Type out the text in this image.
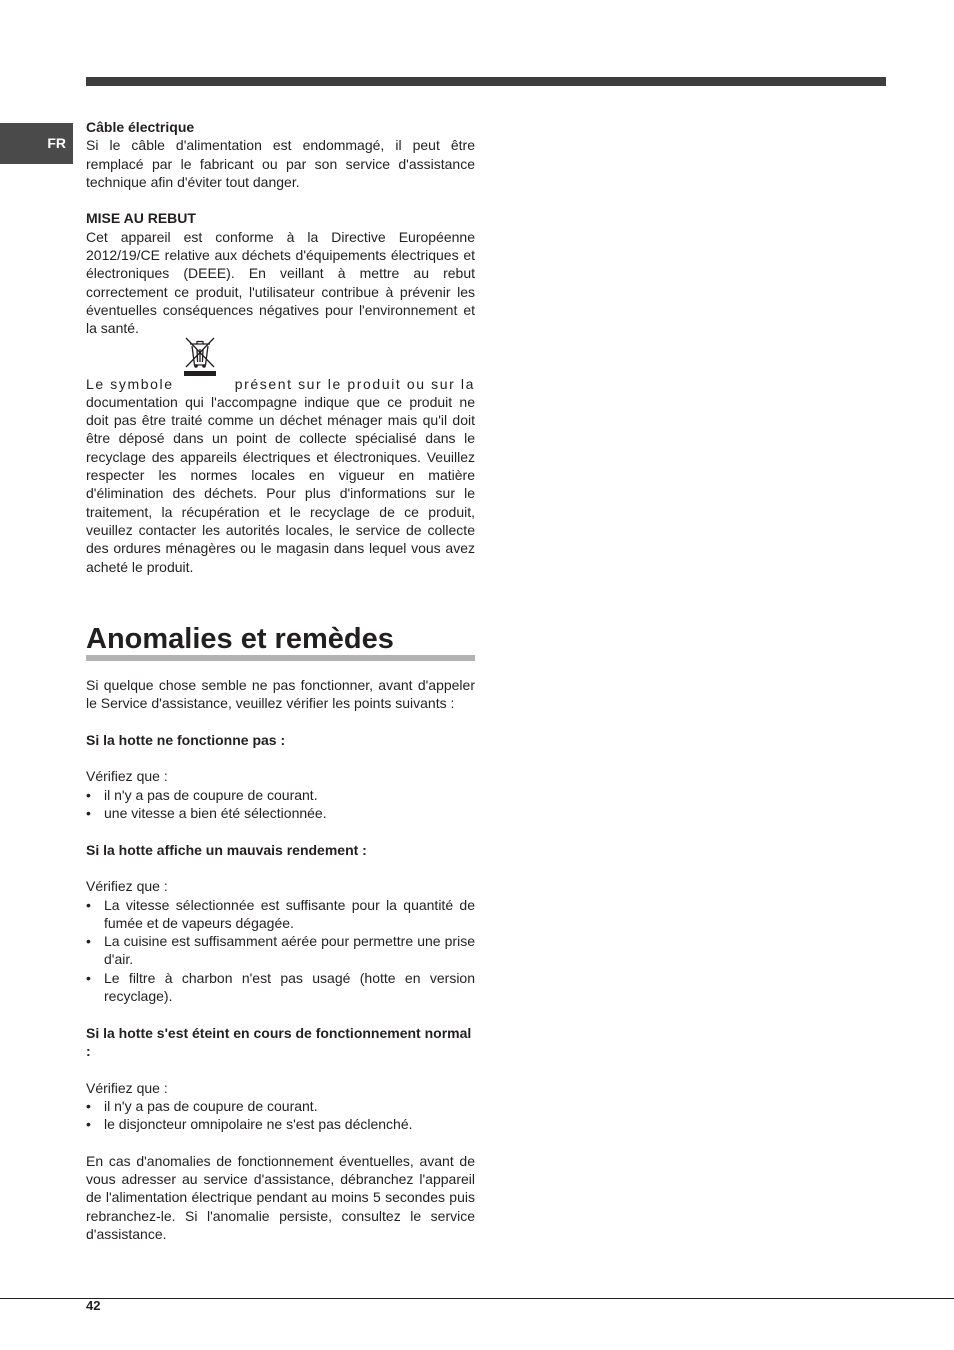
FR
Câble électrique

Si le câble d'alimentation est endommagé, il peut être remplacé par le fabricant ou par son service d'assistance technique afin d'éviter tout danger.

MISE AU REBUT

Cet appareil est conforme à la Directive Européenne 2012/19/CE relative aux déchets d'équipements électriques et électroniques (DEEE). En veillant à mettre au rebut correctement ce produit, l'utilisateur contribue à prévenir les éventuelles conséquences négatives pour l'environnement et la santé.

Le symbole	présent sur le produit ou sur la

documentation qui l'accompagne indique que ce produit ne doit pas être traité comme un déchet ménager mais qu'il doit être déposé dans un point de collecte spécialisé dans le recyclage des appareils électriques et électroniques. Veuillez respecter les normes locales en vigueur en matière d'élimination des déchets. Pour plus d'informations sur le traitement, la récupération et le recyclage de ce produit, veuillez contacter les autorités locales, le service de collecte des ordures ménagères ou le magasin dans lequel vous avez acheté le produit.

Anomalies et remèdes

Si quelque chose semble ne pas fonctionner, avant d'appeler le Service d'assistance, veuillez vérifier les points suivants :

Si la hotte ne fonctionne pas :
Vérifiez que :
• il n'y a pas de coupure de courant.
• une vitesse a bien été sélectionnée.
Si la hotte affiche un mauvais rendement :
Vérifiez que :
• La vitesse sélectionnée est suffisante pour la quantité de fumée et de vapeurs dégagée.
• La cuisine est suffisamment aérée pour permettre une prise d'air.
• Le filtre à charbon n'est pas usagé (hotte en version recyclage).
Si la hotte s'est éteint en cours de fonctionnement normal :
Vérifiez que :
• il n'y a pas de coupure de courant.
• le disjoncteur omnipolaire ne s'est pas déclenché.

En cas d'anomalies de fonctionnement éventuelles, avant de vous adresser au service d'assistance, débranchez l'appareil de l'alimentation électrique pendant au moins 5 secondes puis rebranchez-le. Si l'anomalie persiste, consultez le service d'assistance.

42
